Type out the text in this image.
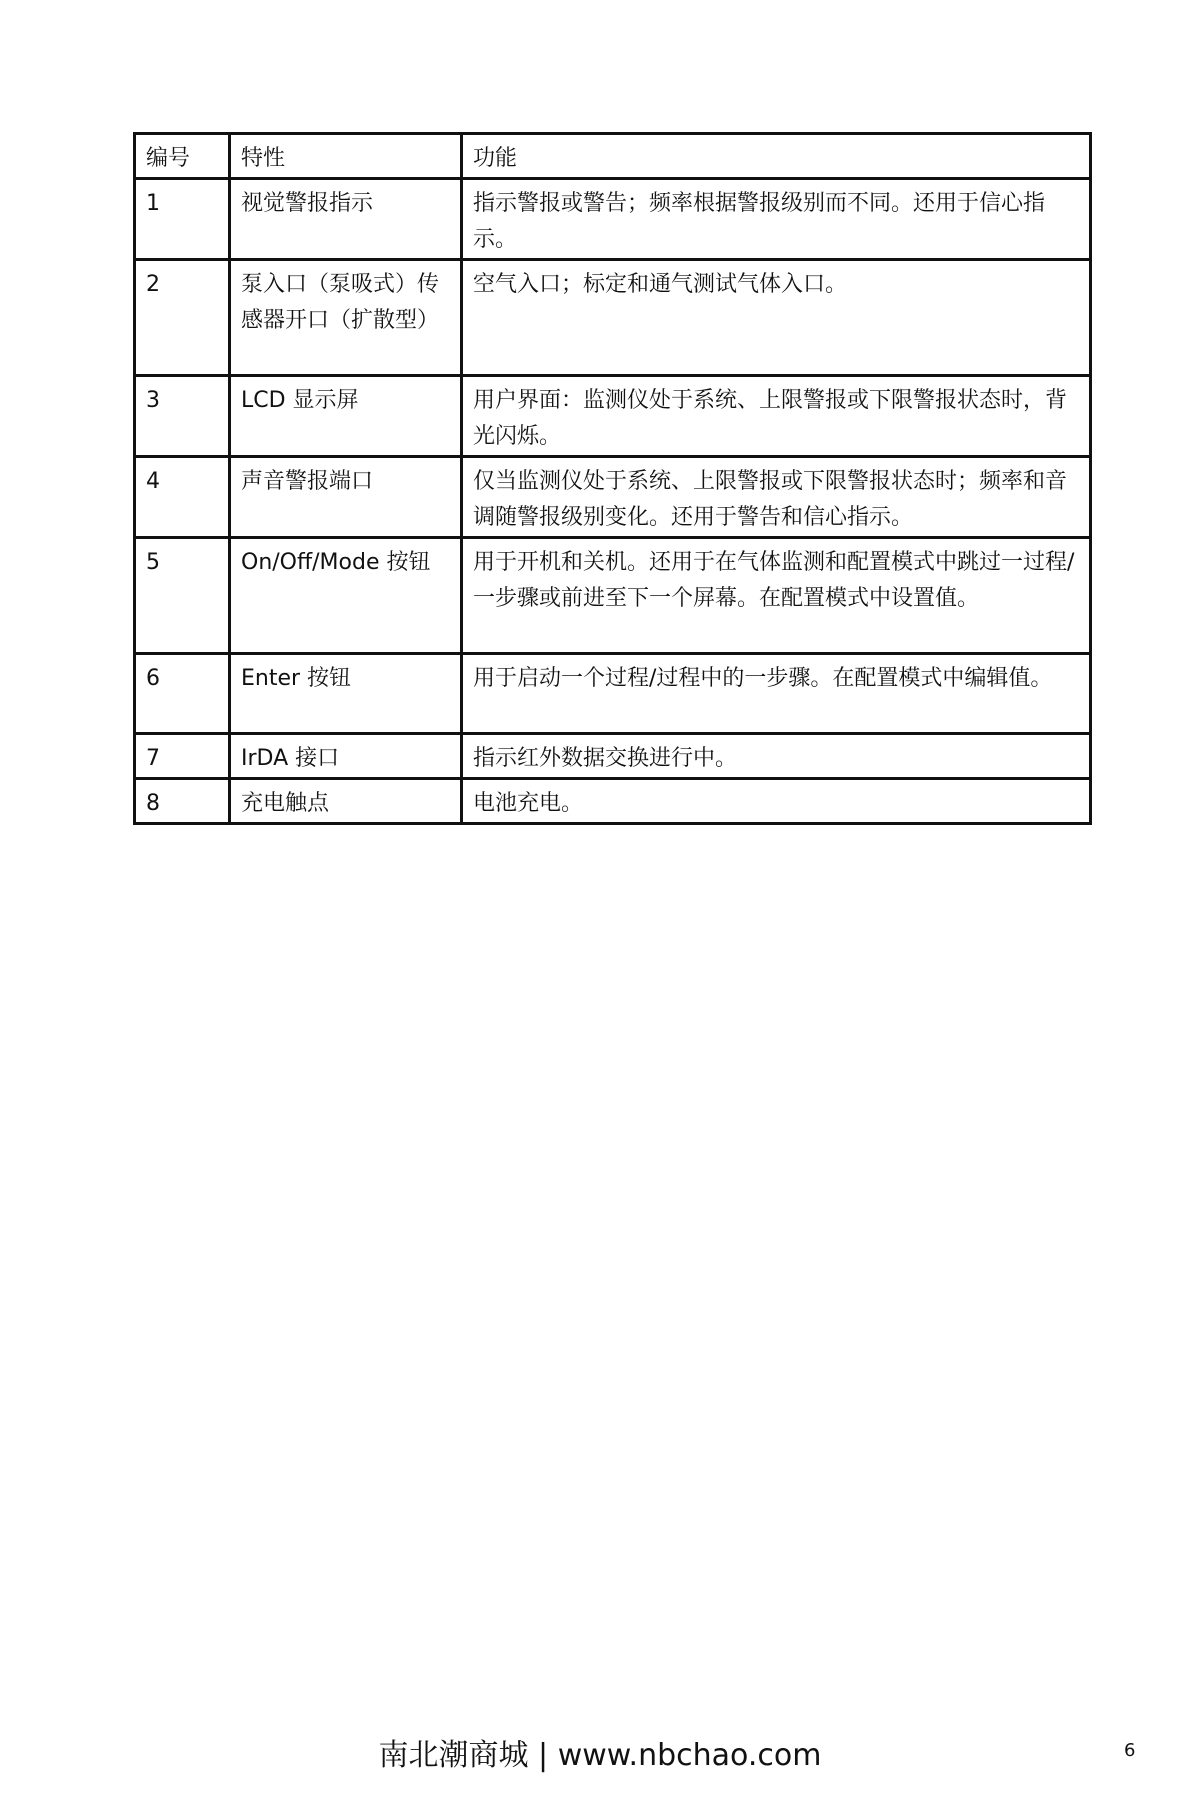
编号	特性	功能
1	视觉警报指示	指示警报或警告；频率根据警报级别而不同。还用于信心指示。
2	泵入口（泵吸式）传感器开口（扩散型）	空气入口；标定和通气测试气体入口。
3	LCD 显示屏	用户界面：监测仪处于系统、上限警报或下限警报状态时，背光闪烁。
4	声音警报端口	仅当监测仪处于系统、上限警报或下限警报状态时；频率和音调随警报级别变化。还用于警告和信心指示。
5	On/Off/Mode 按钮	用于开机和关机。还用于在气体监测和配置模式中跳过一过程/一步骤或前进至下一个屏幕。在配置模式中设置值。
6	Enter 按钮	用于启动一个过程/过程中的一步骤。在配置模式中编辑值。
7	IrDA 接口	指示红外数据交换进行中。
8	充电触点	电池充电。
南北潮商城 | www.nbchao.com	6
